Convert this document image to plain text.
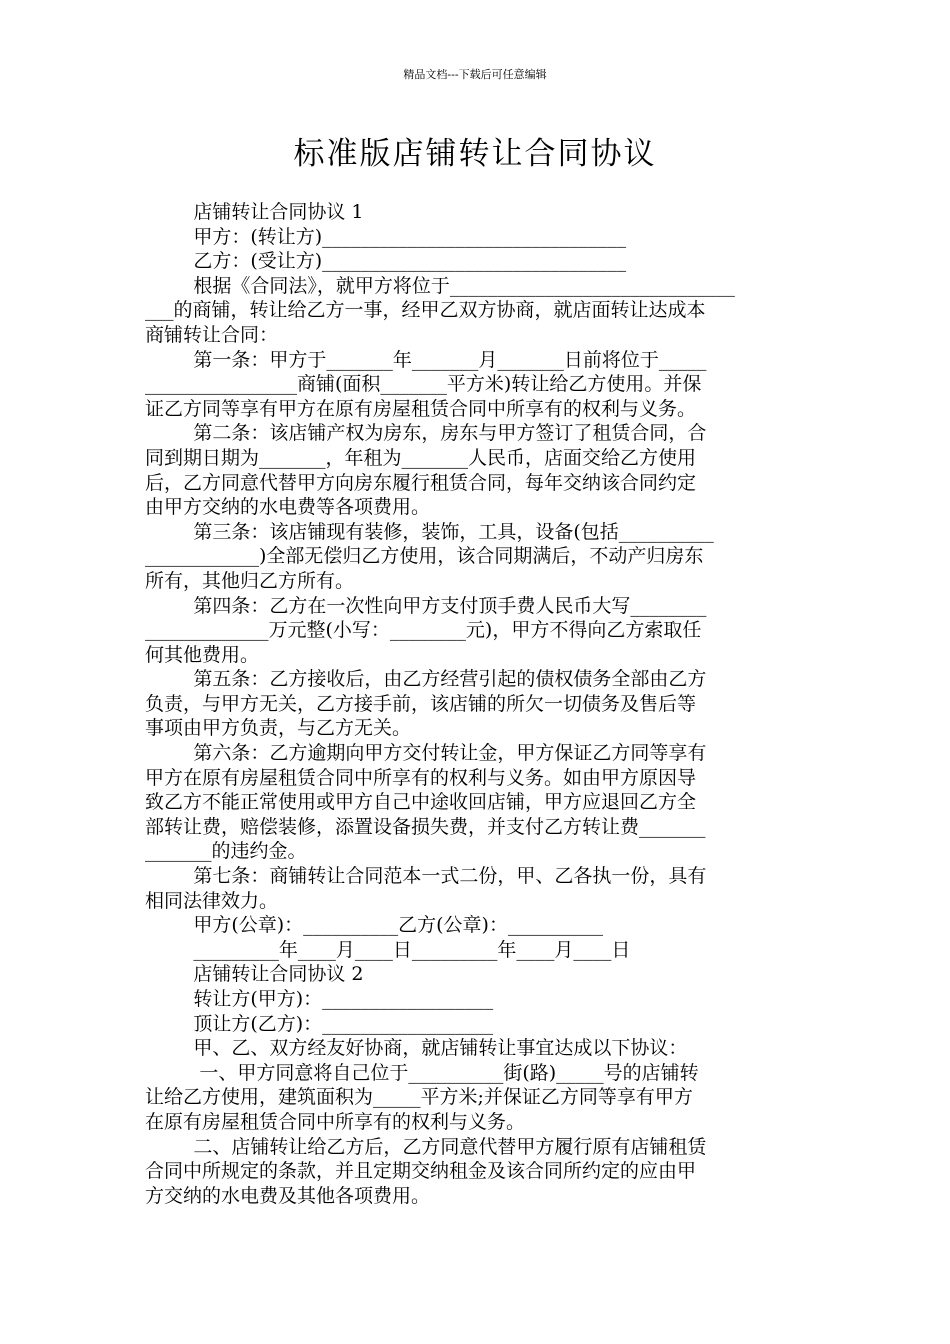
精品文档---下载后可任意编辑
标准版店铺转让合同协议
店铺转让合同协议 1
甲方：(转让方)________________________________
乙方：(受让方)________________________________
根据《合同法》，就甲方将位于______________________________
___的商铺，转让给乙方一事，经甲乙双方协商，就店面转让达成本
商铺转让合同：
第一条：甲方于_______年_______月_______日前将位于_____
________________商铺(面积_______平方米)转让给乙方使用。并保
证乙方同等享有甲方在原有房屋租赁合同中所享有的权利与义务。
第二条：该店铺产权为房东，房东与甲方签订了租赁合同，合
同到期日期为_______，年租为_______人民币，店面交给乙方使用
后，乙方同意代替甲方向房东履行租赁合同，每年交纳该合同约定
由甲方交纳的水电费等各项费用。
第三条：该店铺现有装修，装饰，工具，设备(包括__________
____________)全部无偿归乙方使用，该合同期满后，不动产归房东
所有，其他归乙方所有。
第四条：乙方在一次性向甲方支付顶手费人民币大写________
_____________万元整(小写：________元)，甲方不得向乙方索取任
何其他费用。
第五条：乙方接收后，由乙方经营引起的债权债务全部由乙方
负责，与甲方无关，乙方接手前，该店铺的所欠一切债务及售后等
事项由甲方负责，与乙方无关。
第六条：乙方逾期向甲方交付转让金，甲方保证乙方同等享有
甲方在原有房屋租赁合同中所享有的权利与义务。如由甲方原因导
致乙方不能正常使用或甲方自己中途收回店铺，甲方应退回乙方全
部转让费，赔偿装修，添置设备损失费，并支付乙方转让费_______
_______的违约金。
第七条：商铺转让合同范本一式二份，甲、乙各执一份，具有
相同法律效力。
甲方(公章)：__________乙方(公章)：__________
_________年____月____日_________年____月____日
店铺转让合同协议 2
转让方(甲方)：__________________
顶让方(乙方)：__________________
甲、乙、双方经友好协商，就店铺转让事宜达成以下协议：
一、甲方同意将自己位于__________街(路)_____号的店铺转
让给乙方使用，建筑面积为_____平方米;并保证乙方同等享有甲方
在原有房屋租赁合同中所享有的权利与义务。
二、店铺转让给乙方后，乙方同意代替甲方履行原有店铺租赁
合同中所规定的条款，并且定期交纳租金及该合同所约定的应由甲
方交纳的水电费及其他各项费用。
